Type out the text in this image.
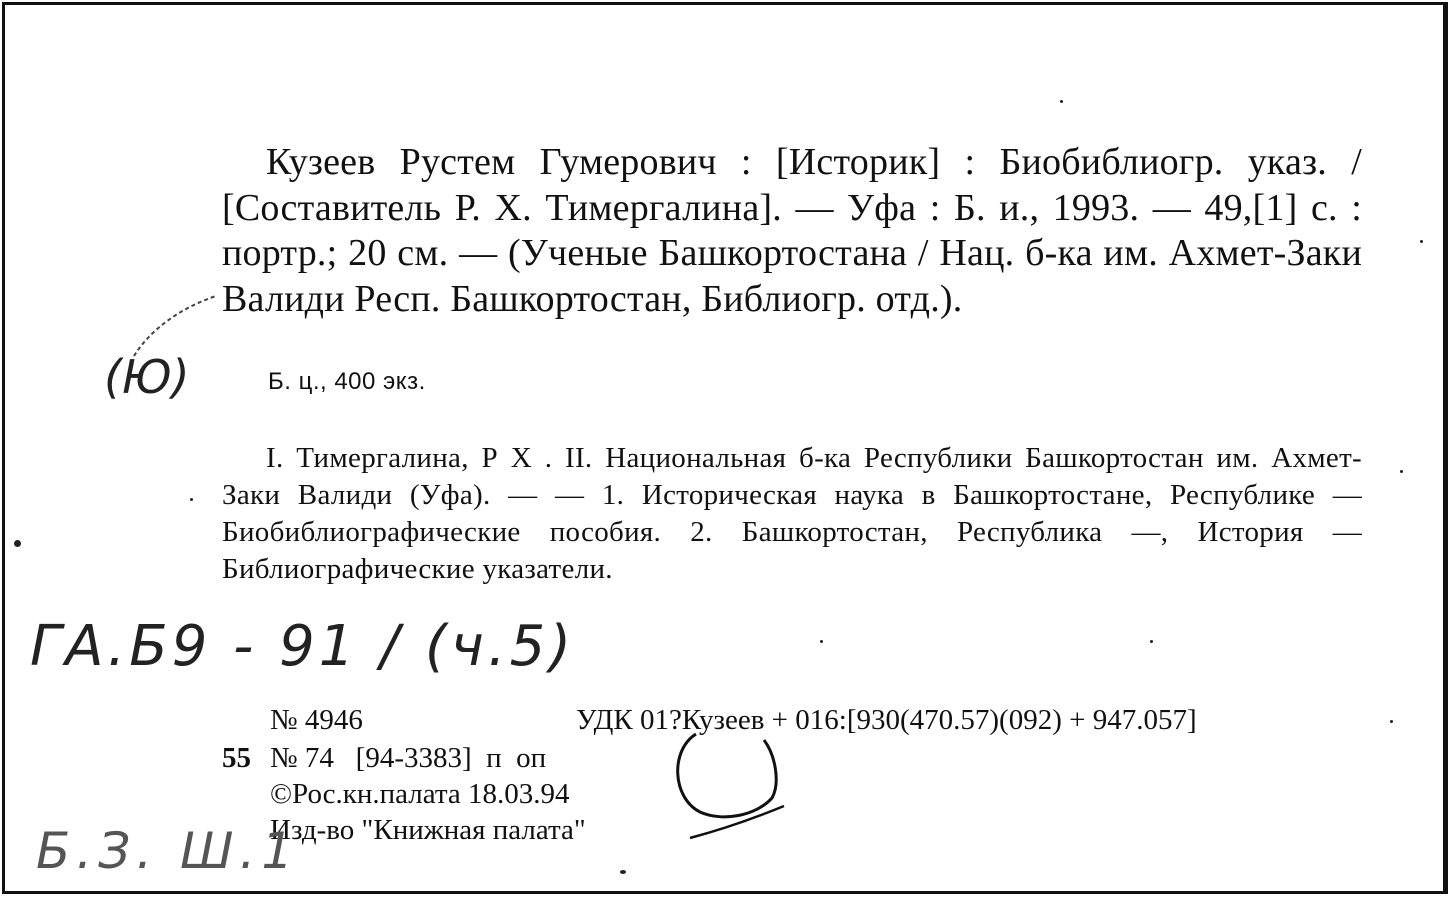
Кузеев Рустем Гумерович : [Историк] : Биобиблиогр. указ. / [Составитель Р. Х. Тимергалина]. — Уфа : Б. и., 1993. — 49,[1] с. : портр.; 20 см. — (Ученые Башкортостана / Нац. б-ка им. Ахмет-Заки Валиди Респ. Башкортостан, Библиогр. отд.).
Б. ц., 400 экз.
I. Тимергалина, Р Х . II. Национальная б-ка Республики Башкортостан им. Ахмет-Заки Валиди (Уфа). — — 1. Историческая наука в Башкортостане, Республике — Биобиблиографические пособия. 2. Башкортостан, Республика —, История — Библиографические указатели.
№ 4946	УДК 01?Кузеев + 016:[930(470.57)(092) + 947.057]
55 № 74   [94-3383]  п  оп
©Рос.кн.палата 18.03.94
Изд-во "Книжная палата"
ГА.Б9 - 91 / (ч.5)
Б.З. Ш.1
(Ю)
